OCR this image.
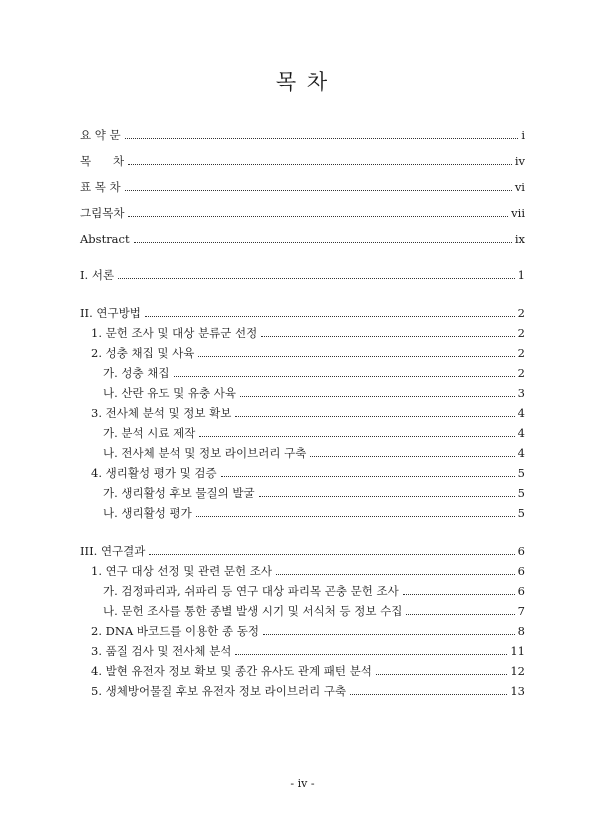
목 차
요 약 문	i
목      차	iv
표 목 차	vi
그림목차	vii
Abstract	ix
I. 서론	1
II. 연구방법	2
1. 문헌 조사 및 대상 분류군 선정	2
2. 성충 채집 및 사육	2
가. 성충 채집	2
나. 산란 유도 및 유충 사육	3
3. 전사체 분석 및 정보 확보	4
가. 분석 시료 제작	4
나. 전사체 분석 및 정보 라이브러리 구축	4
4. 생리활성 평가 및 검증	5
가. 생리활성 후보 물질의 발굴	5
나. 생리활성 평가	5
III. 연구결과	6
1. 연구 대상 선정 및 관련 문헌 조사	6
가. 검정파리과, 쉬파리 등 연구 대상 파리목 곤충 문헌 조사	6
나. 문헌 조사를 통한 종별 발생 시기 및 서식처 등 정보 수집	7
2. DNA 바코드를 이용한 종 동정	8
3. 품질 검사 및 전사체 분석	11
4. 발현 유전자 정보 확보 및 종간 유사도 관계 패턴 분석	12
5. 생체방어물질 후보 유전자 정보 라이브러리 구축	13
- iv -
